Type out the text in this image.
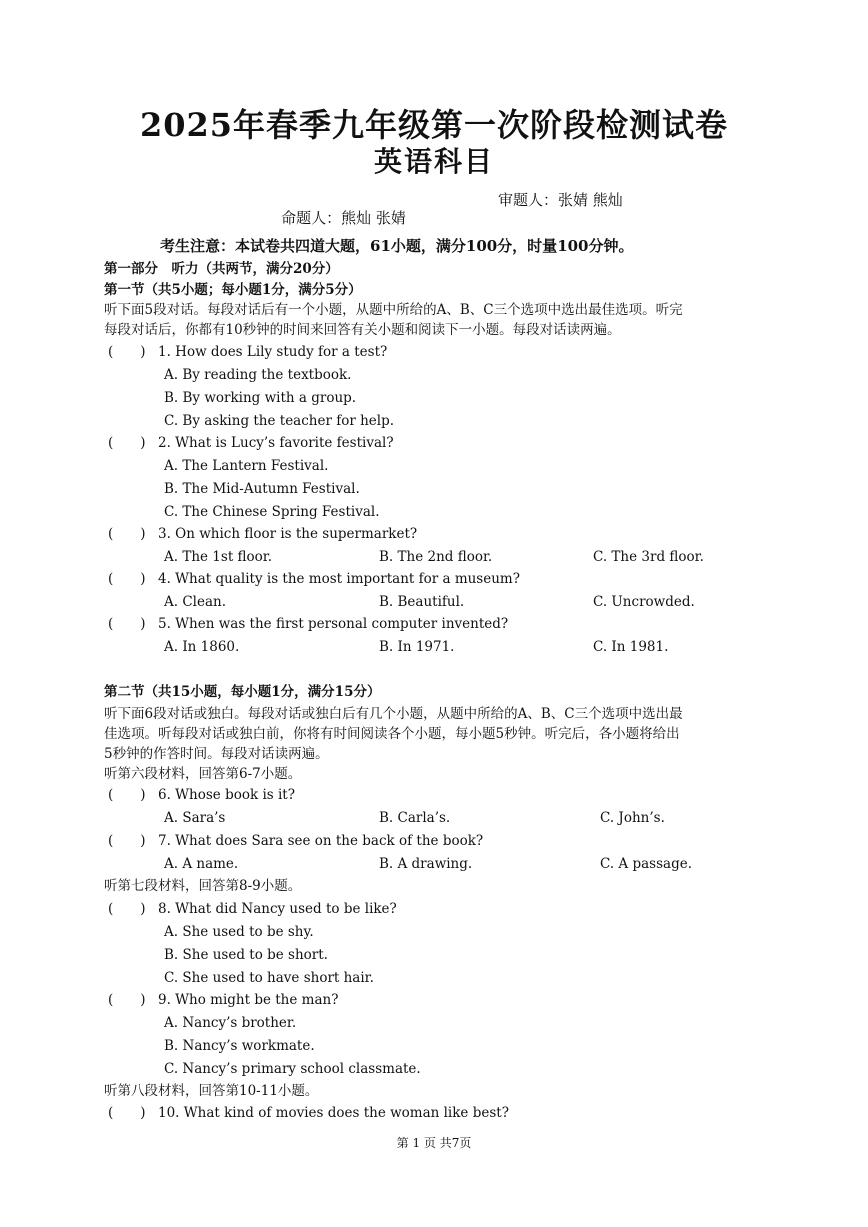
2025年春季九年级第一次阶段检测试卷
英语科目

命题人：熊灿 张婧

审题人：张婧 熊灿

考生注意：本试卷共四道大题，61小题，满分100分，时量100分钟。
第一部分　听力（共两节，满分20分）
第一节（共5小题；每小题1分，满分5分）
听下面5段对话。每段对话后有一个小题，从题中所给的A、B、C三个选项中选出最佳选项。听完
每段对话后，你都有10秒钟的时间来回答有关小题和阅读下一小题。每段对话读两遍。
(　　) 1. How does Lily study for a test?
A. By reading the textbook.
B. By working with a group.
C. By asking the teacher for help.
(　　) 2. What is Lucy’s favorite festival?
A. The Lantern Festival.
B. The Mid-Autumn Festival.
C. The Chinese Spring Festival.
(　　) 3. On which floor is the supermarket?
A. The 1st floor.	B. The 2nd floor.	C. The 3rd floor.
(　　) 4. What quality is the most important for a museum?
A. Clean.	B. Beautiful.	C. Uncrowded.
(　　) 5. When was the first personal computer invented?
A. In 1860.	B. In 1971.	C. In 1981.
第二节（共15小题，每小题1分，满分15分）
听下面6段对话或独白。每段对话或独白后有几个小题，从题中所给的A、B、C三个选项中选出最
佳选项。听每段对话或独白前，你将有时间阅读各个小题，每小题5秒钟。听完后，各小题将给出
5秒钟的作答时间。每段对话读两遍。
听第六段材料，回答第6-7小题。
(　　) 6. Whose book is it?
A. Sara’s	B. Carla’s.	C. John’s.
(　　) 7. What does Sara see on the back of the book?
A. A name.	B. A drawing.	C. A passage.
听第七段材料，回答第8-9小题。
(　　) 8. What did Nancy used to be like?
A. She used to be shy.
B. She used to be short.
C. She used to have short hair.
(　　) 9. Who might be the man?
A. Nancy’s brother.
B. Nancy’s workmate.
C. Nancy’s primary school classmate.
听第八段材料，回答第10-11小题。
(　　) 10. What kind of movies does the woman like best?
第 1 页 共7页
